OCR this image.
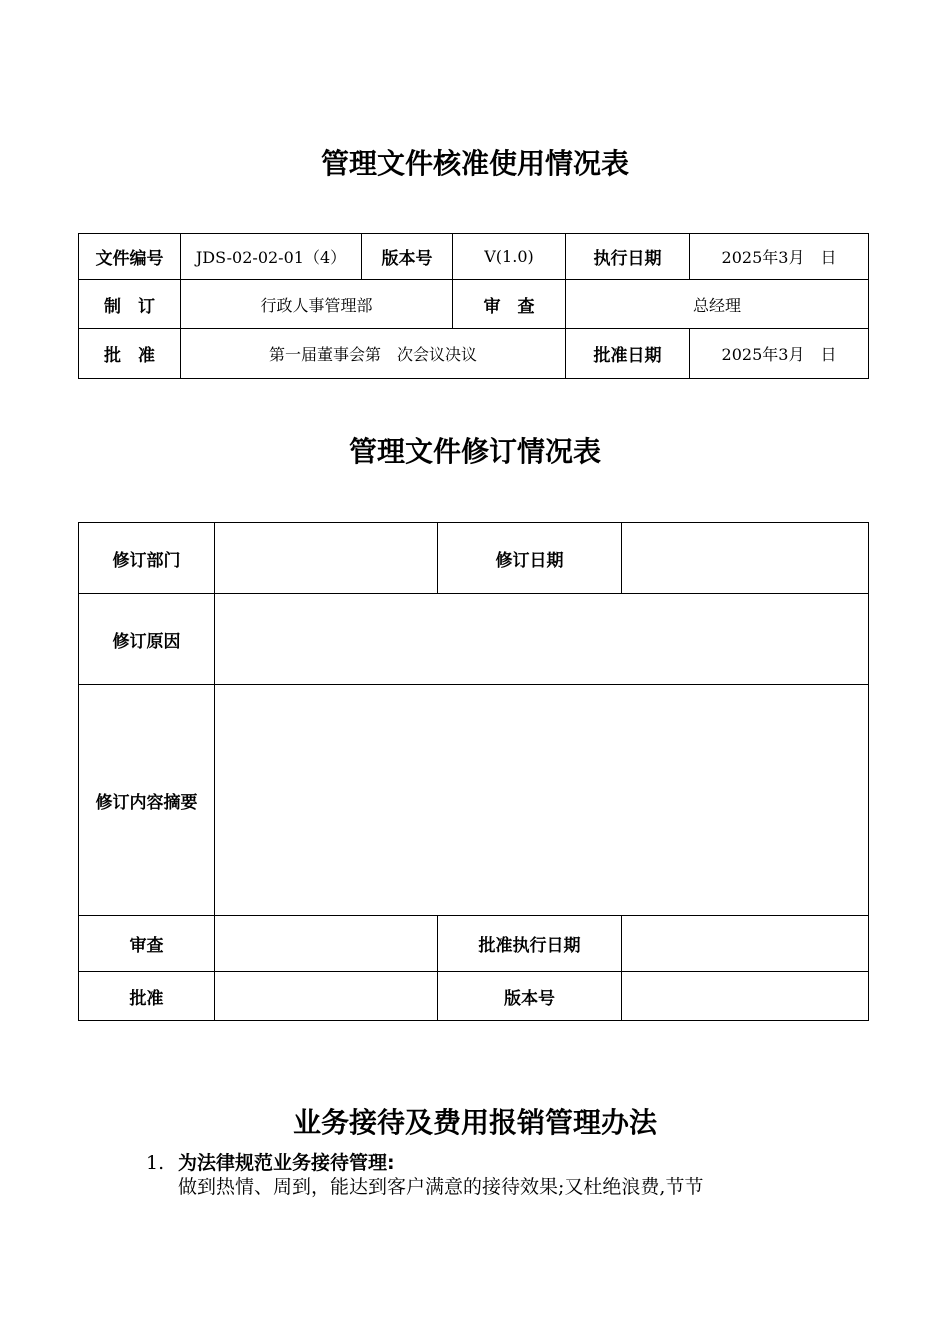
管理文件核准使用情况表
文件编号	JDS-02-02-01（4）	版本号	V(1.0)	执行日期	2025年3月　日
制　订	行政人事管理部		审　查	总经理	
批　准	第一届董事会第　次会议决议			批准日期	2025年3月　日
管理文件修订情况表
修订部门		修订日期	
修订原因			
修订内容摘要			
审查		批准执行日期	
批准		版本号	
业务接待及费用报销管理办法
1. 为法律规范业务接待管理:
做到热情、周到，能达到客户满意的接待效果;又杜绝浪费,节节
